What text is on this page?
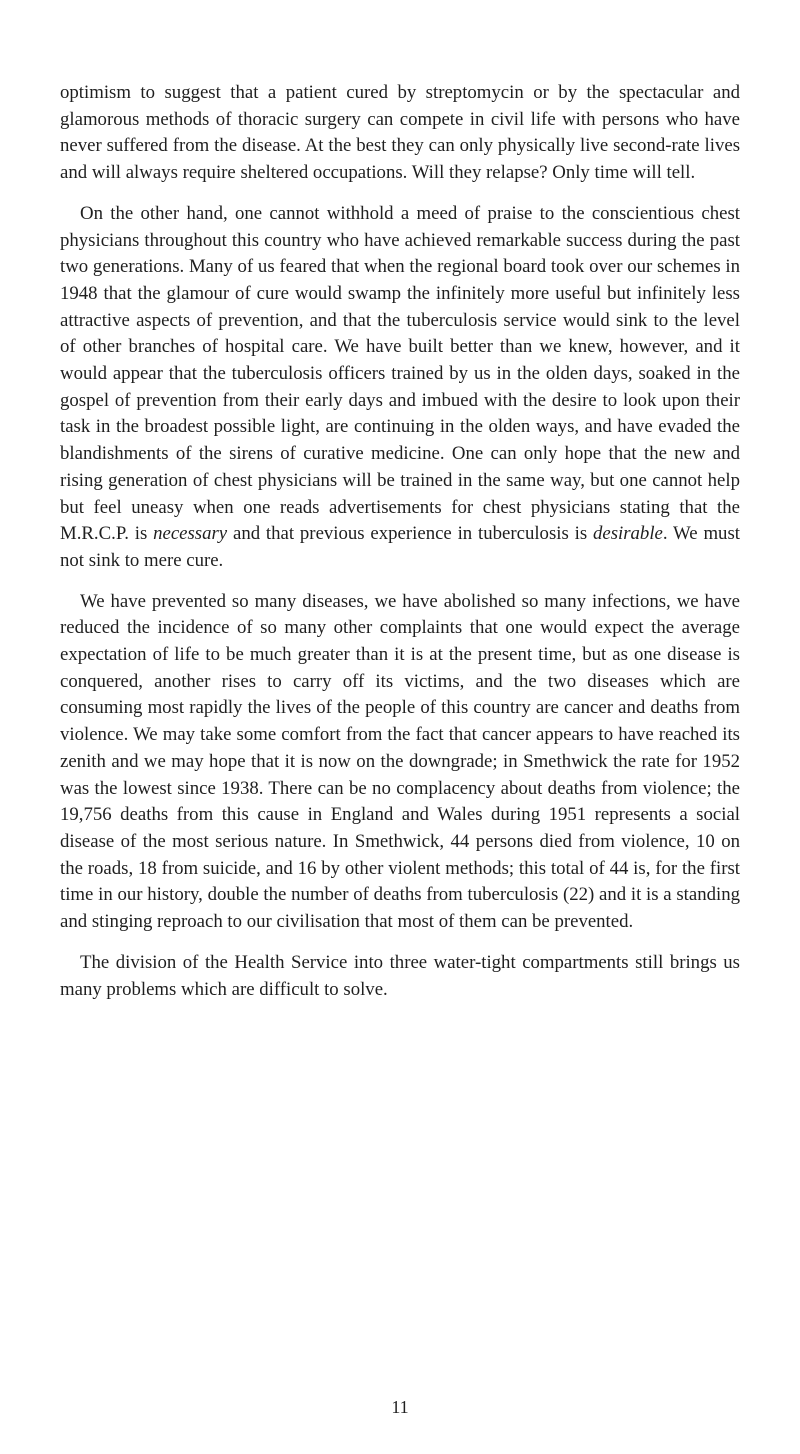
optimism to suggest that a patient cured by streptomycin or by the spectacular and glamorous methods of thoracic surgery can compete in civil life with persons who have never suffered from the disease. At the best they can only physically live second-rate lives and will always require sheltered occupations. Will they relapse? Only time will tell.

On the other hand, one cannot withhold a meed of praise to the conscientious chest physicians throughout this country who have achieved remarkable success during the past two generations. Many of us feared that when the regional board took over our schemes in 1948 that the glamour of cure would swamp the infinitely more useful but infinitely less attractive aspects of prevention, and that the tuberculosis service would sink to the level of other branches of hospital care. We have built better than we knew, however, and it would appear that the tuberculosis officers trained by us in the olden days, soaked in the gospel of prevention from their early days and imbued with the desire to look upon their task in the broadest possible light, are continuing in the olden ways, and have evaded the blandishments of the sirens of curative medicine. One can only hope that the new and rising generation of chest physicians will be trained in the same way, but one cannot help but feel uneasy when one reads advertisements for chest physicians stating that the M.R.C.P. is necessary and that previous experience in tuberculosis is desirable. We must not sink to mere cure.

We have prevented so many diseases, we have abolished so many infections, we have reduced the incidence of so many other complaints that one would expect the average expectation of life to be much greater than it is at the present time, but as one disease is conquered, another rises to carry off its victims, and the two diseases which are consuming most rapidly the lives of the people of this country are cancer and deaths from violence. We may take some comfort from the fact that cancer appears to have reached its zenith and we may hope that it is now on the downgrade; in Smethwick the rate for 1952 was the lowest since 1938. There can be no complacency about deaths from violence; the 19,756 deaths from this cause in England and Wales during 1951 represents a social disease of the most serious nature. In Smethwick, 44 persons died from violence, 10 on the roads, 18 from suicide, and 16 by other violent methods; this total of 44 is, for the first time in our history, double the number of deaths from tuberculosis (22) and it is a standing and stinging reproach to our civilisation that most of them can be prevented.

The division of the Health Service into three water-tight compartments still brings us many problems which are difficult to solve.

11
